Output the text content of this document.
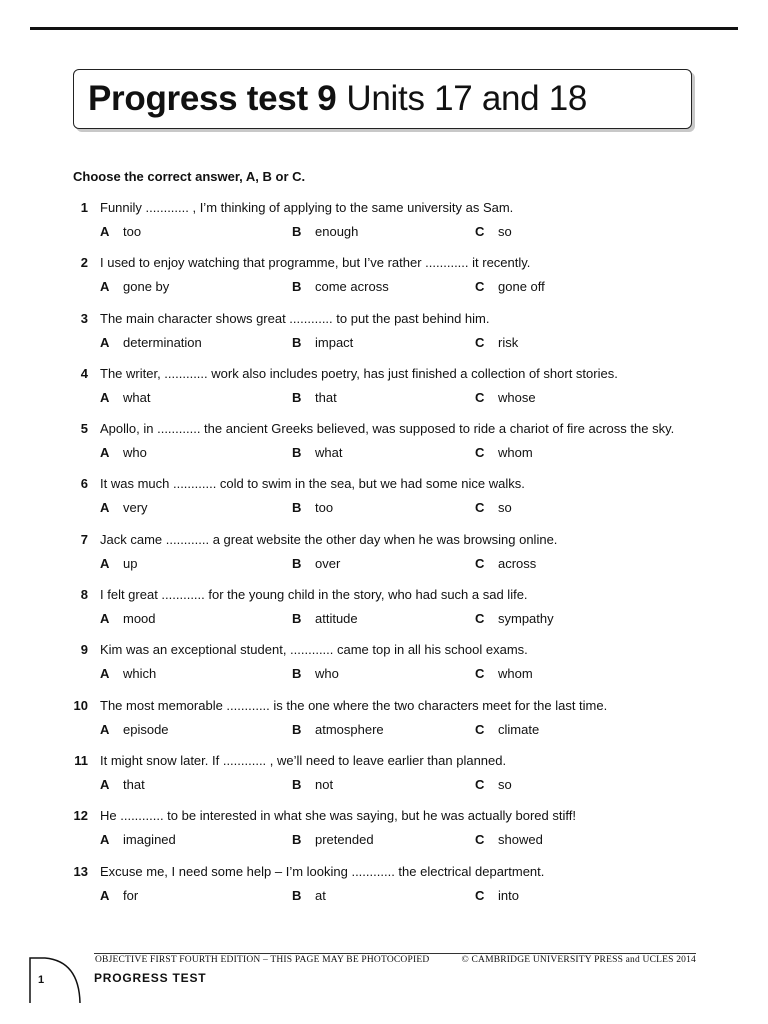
Progress test 9 Units 17 and 18
Choose the correct answer, A, B or C.
1 Funnily ............ , I’m thinking of applying to the same university as Sam.
A too	B enough	C so
2 I used to enjoy watching that programme, but I’ve rather ............ it recently.
A gone by	B come across	C gone off
3 The main character shows great ............ to put the past behind him.
A determination	B impact	C risk
4 The writer, ............ work also includes poetry, has just finished a collection of short stories.
A what	B that	C whose
5 Apollo, in ............ the ancient Greeks believed, was supposed to ride a chariot of fire across the sky.
A who	B what	C whom
6 It was much ............ cold to swim in the sea, but we had some nice walks.
A very	B too	C so
7 Jack came ............ a great website the other day when he was browsing online.
A up	B over	C across
8 I felt great ............ for the young child in the story, who had such a sad life.
A mood	B attitude	C sympathy
9 Kim was an exceptional student, ............ came top in all his school exams.
A which	B who	C whom
10 The most memorable ............ is the one where the two characters meet for the last time.
A episode	B atmosphere	C climate
11 It might snow later. If ............ , we’ll need to leave earlier than planned.
A that	B not	C so
12 He ............ to be interested in what she was saying, but he was actually bored stiff!
A imagined	B pretended	C showed
13 Excuse me, I need some help – I’m looking ............ the electrical department.
A for	B at	C into
OBJECTIVE FIRST FOURTH EDITION – THIS PAGE MAY BE PHOTOCOPIED	© CAMBRIDGE UNIVERSITY PRESS and UCLES 2014
1	PROGRESS TEST
